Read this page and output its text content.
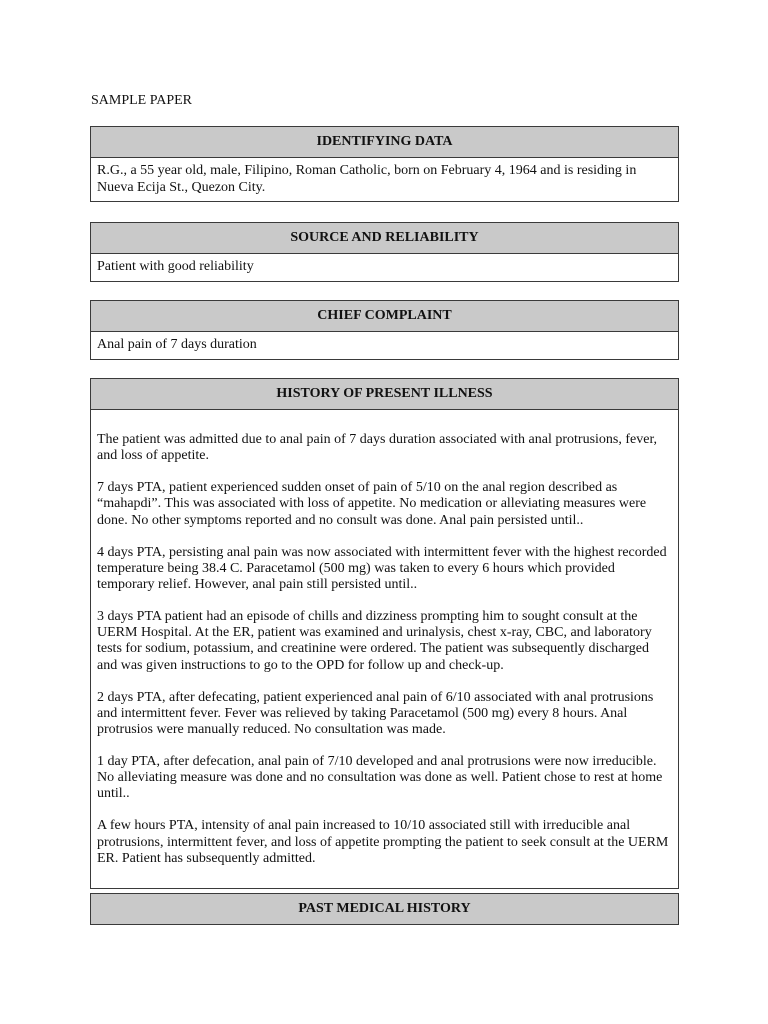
SAMPLE PAPER
IDENTIFYING DATA
R.G., a 55 year old, male, Filipino, Roman Catholic, born on February 4, 1964 and is residing in Nueva Ecija St., Quezon City.
SOURCE AND RELIABILITY
Patient with good reliability
CHIEF COMPLAINT
Anal pain of 7 days duration
HISTORY OF PRESENT ILLNESS

The patient was admitted due to anal pain of 7 days duration associated with anal protrusions, fever, and loss of appetite.

7 days PTA, patient experienced sudden onset of pain of 5/10 on the anal region described as “mahapdi”. This was associated with loss of appetite. No medication or alleviating measures were done. No other symptoms reported and no consult was done. Anal pain persisted until..

4 days PTA, persisting anal pain was now associated with intermittent fever with the highest recorded temperature being 38.4 C. Paracetamol (500 mg) was taken to every 6 hours which provided temporary relief. However, anal pain still persisted until..

3 days PTA patient had an episode of chills and dizziness prompting him to sought consult at the UERM Hospital. At the ER, patient was examined and urinalysis, chest x-ray, CBC, and laboratory tests for sodium, potassium, and creatinine were ordered. The patient was subsequently discharged and was given instructions to go to the OPD for follow up and check-up.

2 days PTA, after defecating, patient experienced anal pain of 6/10 associated with anal protrusions and intermittent fever. Fever was relieved by taking Paracetamol (500 mg) every 8 hours. Anal protrusios were manually reduced. No consultation was made.

1 day PTA, after defecation, anal pain of 7/10 developed and anal protrusions were now irreducible. No alleviating measure was done and no consultation was done as well. Patient chose to rest at home until..

A few hours PTA, intensity of anal pain increased to 10/10 associated still with irreducible anal protrusions, intermittent fever, and loss of appetite prompting the patient to seek consult at the UERM ER. Patient has subsequently admitted.

PAST MEDICAL HISTORY
